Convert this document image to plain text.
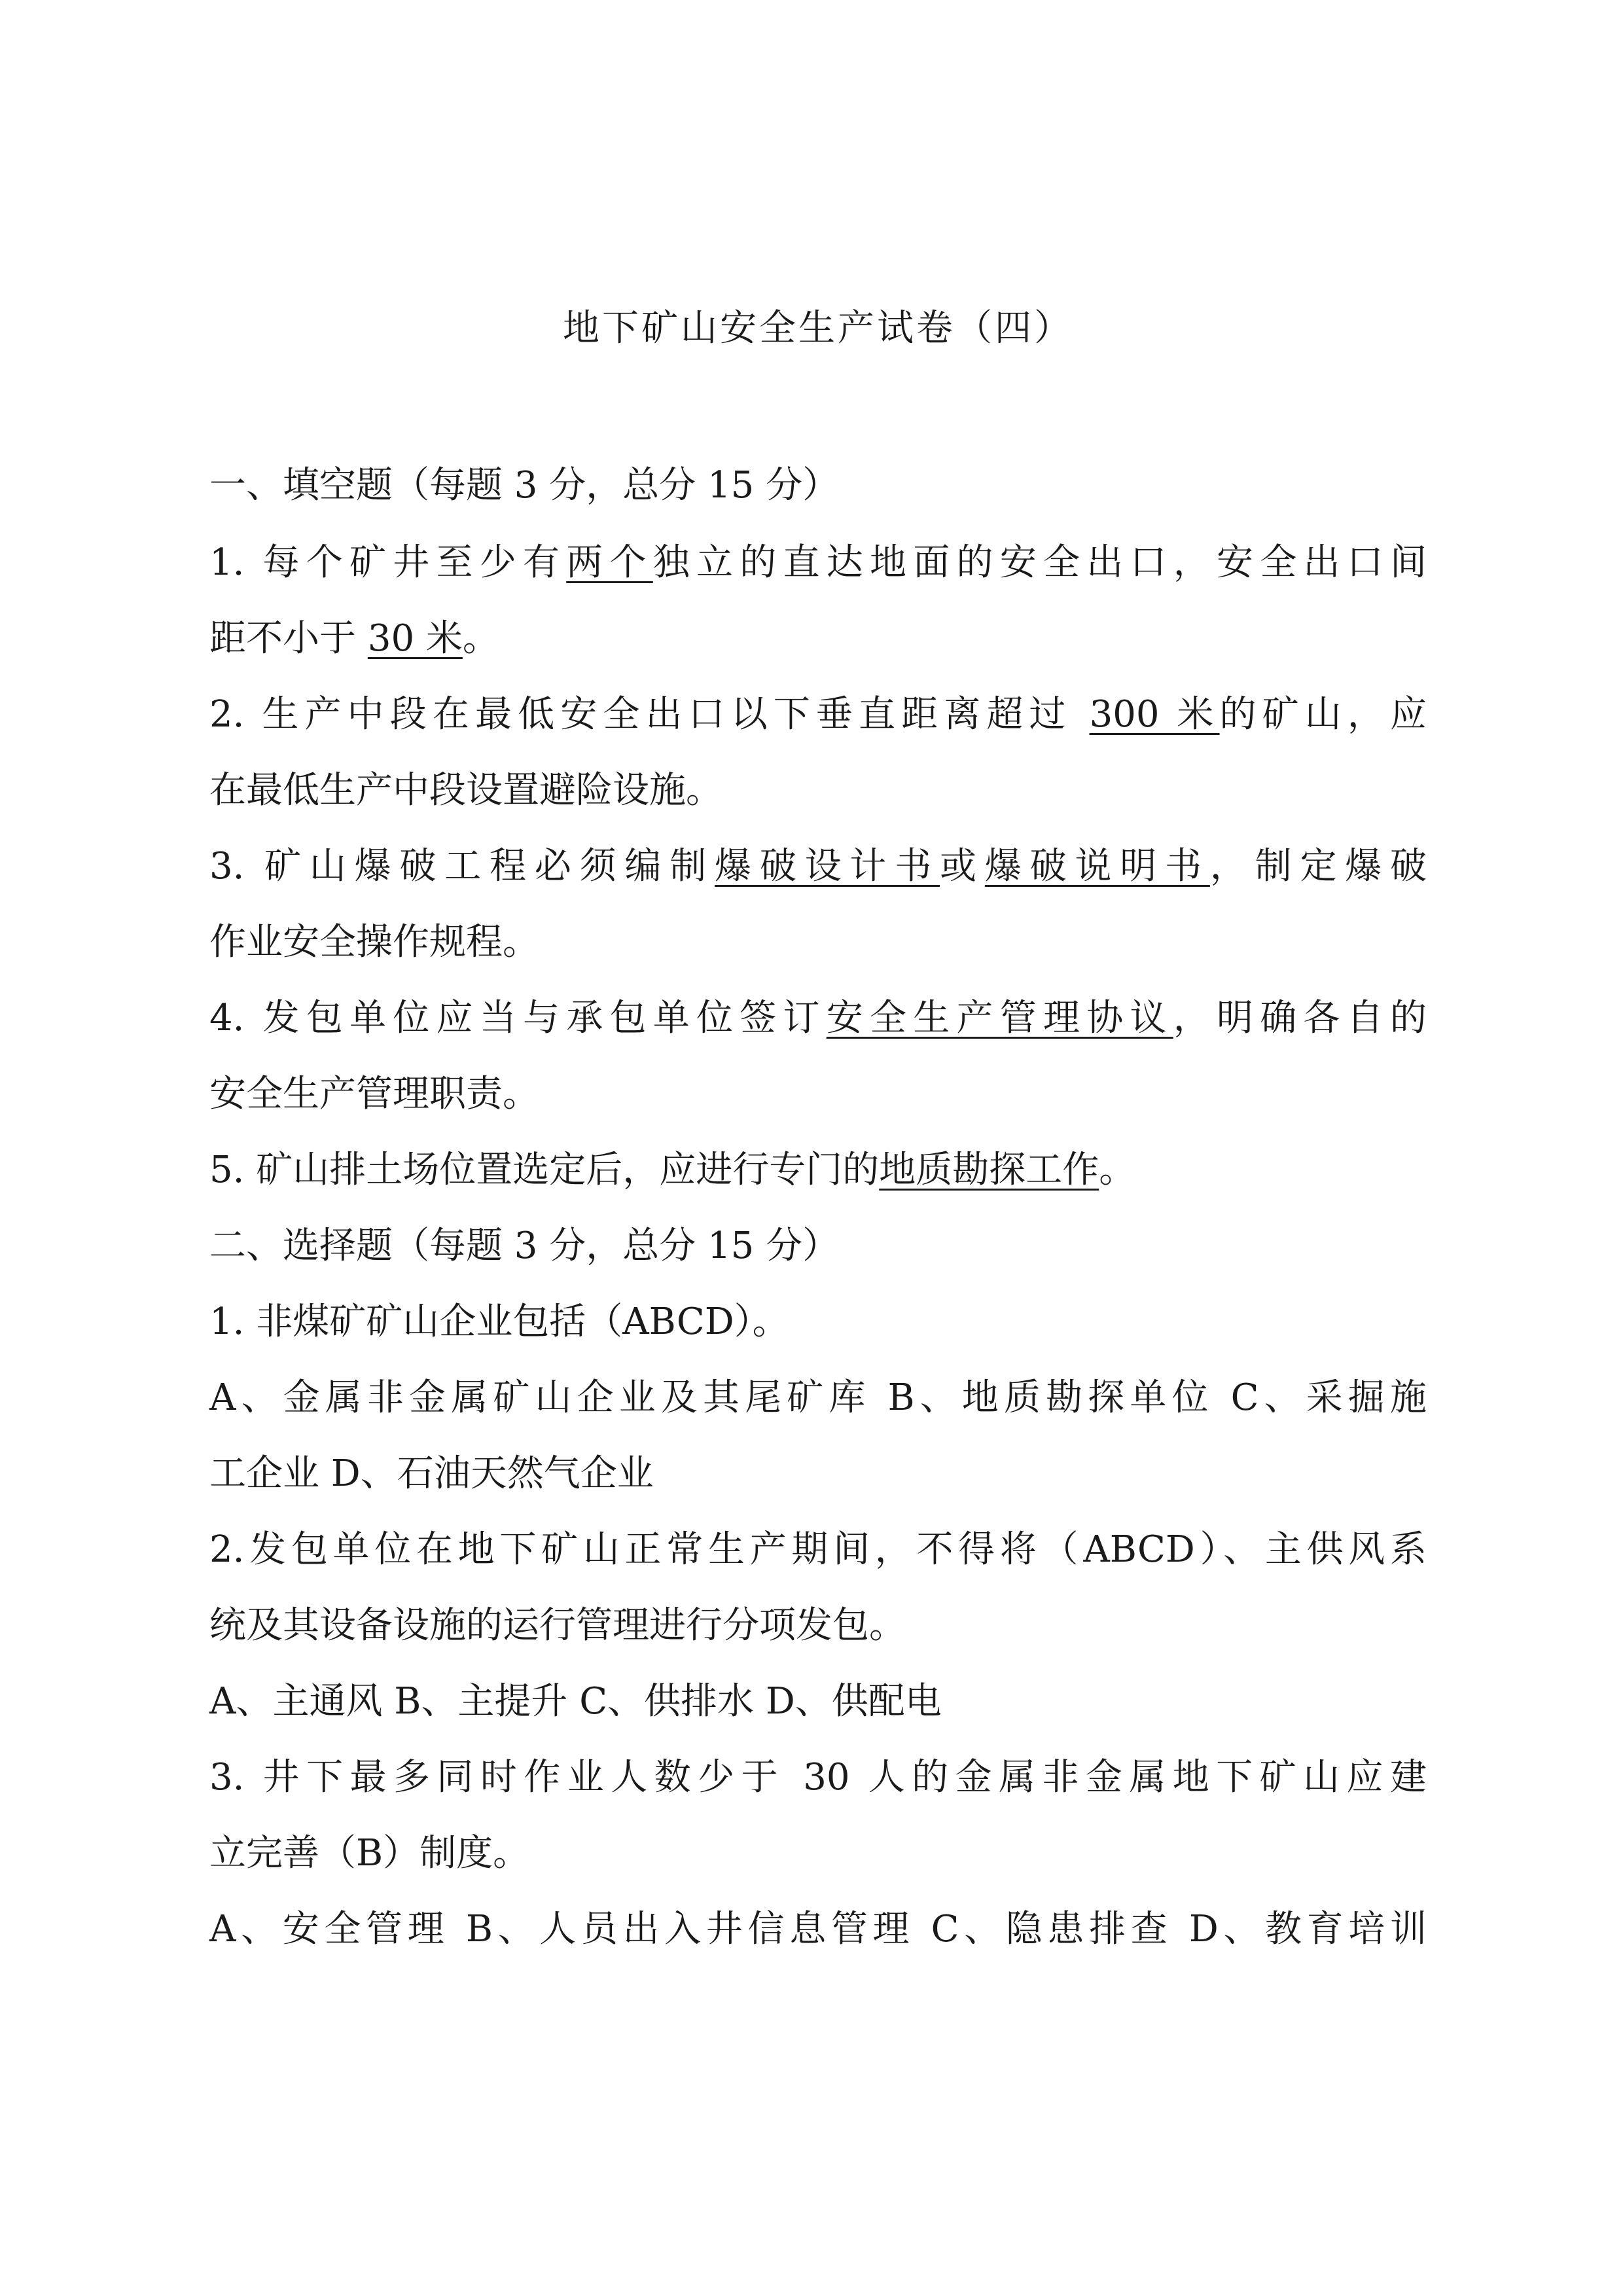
地下矿山安全生产试卷（四）
一、填空题（每题 3 分，总分 15 分）
1. 每个矿井至少有两个独立的直达地面的安全出口，安全出口间
距不小于 30 米。
2. 生产中段在最低安全出口以下垂直距离超过 300 米的矿山，应
在最低生产中段设置避险设施。
3. 矿山爆破工程必须编制爆破设计书或爆破说明书，制定爆破
作业安全操作规程。
4. 发包单位应当与承包单位签订安全生产管理协议，明确各自的
安全生产管理职责。
5. 矿山排土场位置选定后，应进行专门的地质勘探工作。
二、选择题（每题 3 分，总分 15 分）
1. 非煤矿矿山企业包括（ABCD）。
A、金属非金属矿山企业及其尾矿库 B、地质勘探单位 C、采掘施
工企业 D、石油天然气企业
2.发包单位在地下矿山正常生产期间，不得将（ABCD）、主供风系
统及其设备设施的运行管理进行分项发包。
A、主通风 B、主提升 C、供排水 D、供配电
3. 井下最多同时作业人数少于 30 人的金属非金属地下矿山应建
立完善（B）制度。
A、安全管理 B、人员出入井信息管理 C、隐患排查 D、教育培训
